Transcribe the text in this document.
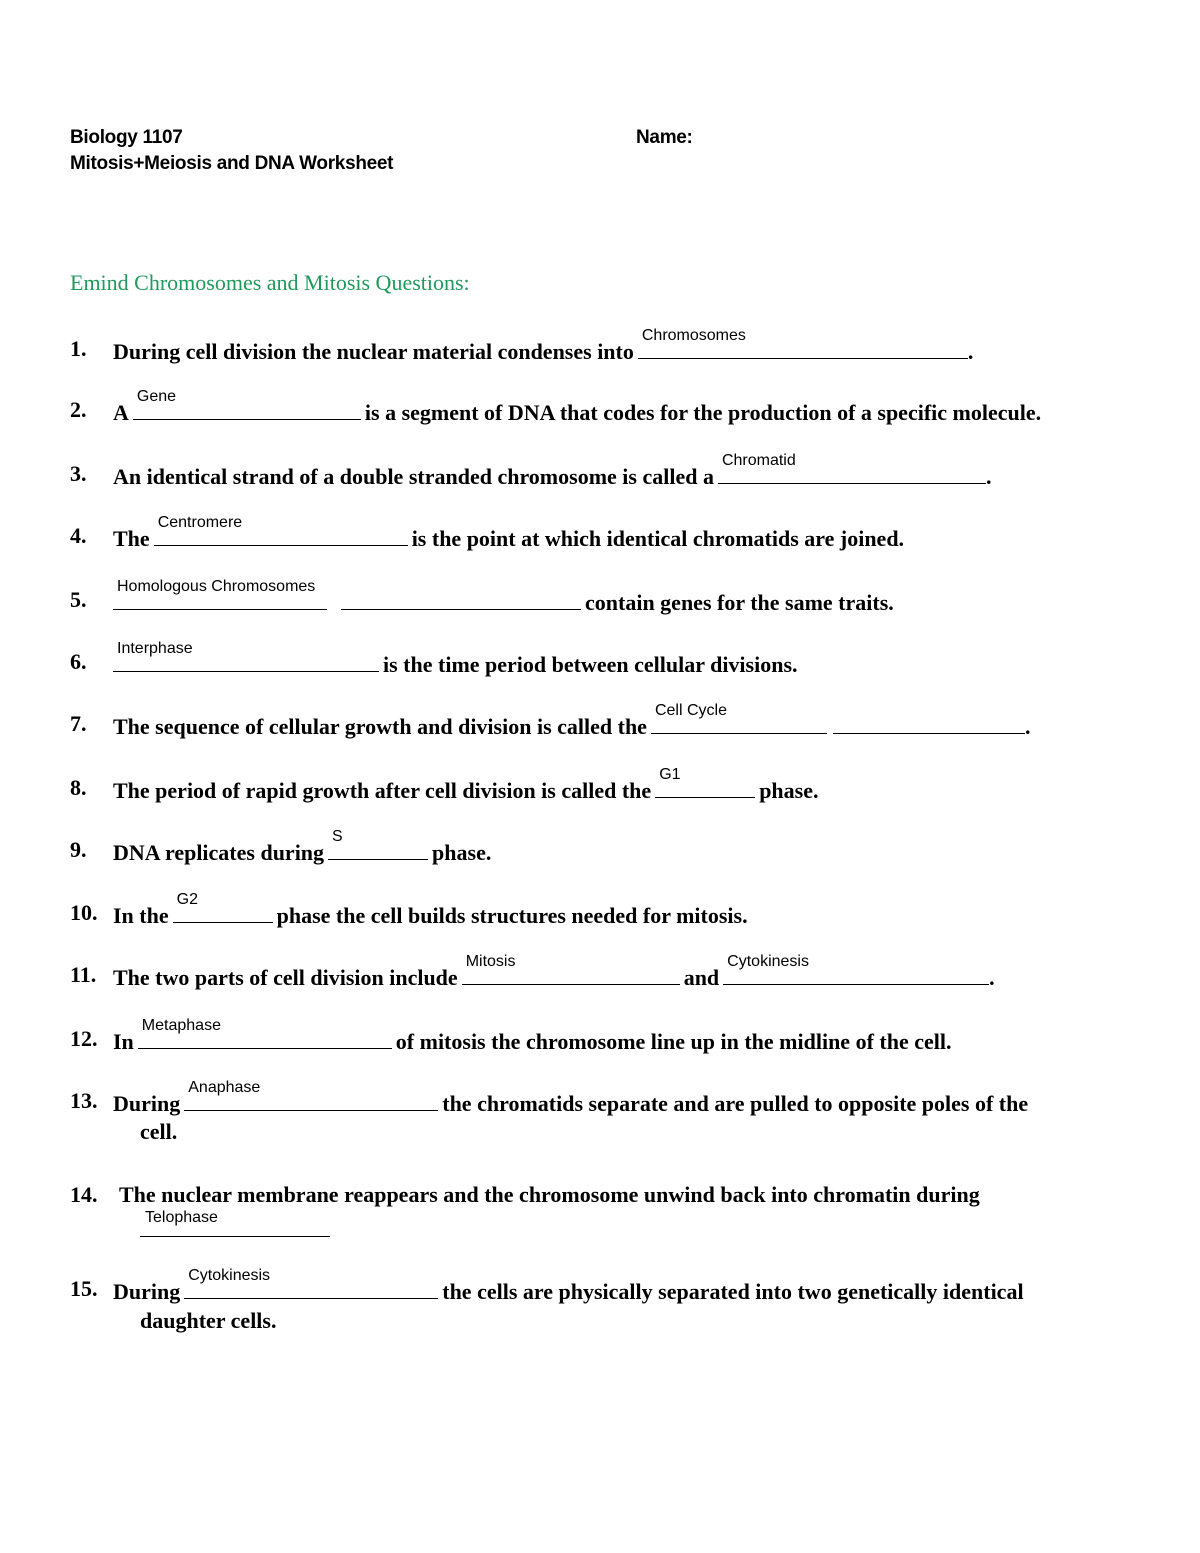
Biology 1107
Mitosis+Meiosis and DNA Worksheet
Name:
Emind Chromosomes and Mitosis Questions:
1. During cell division the nuclear material condenses into
Chromosomes
.
2. A
Gene
is a segment of DNA that codes for the production of a specific molecule.
3. An identical strand of a double stranded chromosome is called a
Chromatid
.
4. The
Centromere
is the point at which identical chromatids are joined.
5.
Homologous Chromosomes
contain genes for the same traits.
6.
Interphase
is the time period between cellular divisions.
7. The sequence of cellular growth and division is called the
Cell Cycle
.
8. The period of rapid growth after cell division is called the
G1
phase.
9. DNA replicates during
S
phase.
10. In the
G2
phase the cell builds structures needed for mitosis.
11. The two parts of cell division include
Mitosis
and
Cytokinesis
.
12. In
Metaphase
of mitosis the chromosome line up in the midline of the cell.
13. During
Anaphase
the chromatids separate and are pulled to opposite poles of the
cell.
14. The nuclear membrane reappears and the chromosome unwind back into chromatin during
Telophase
15. During
Cytokinesis
the cells are physically separated into two genetically identical
daughter cells.
